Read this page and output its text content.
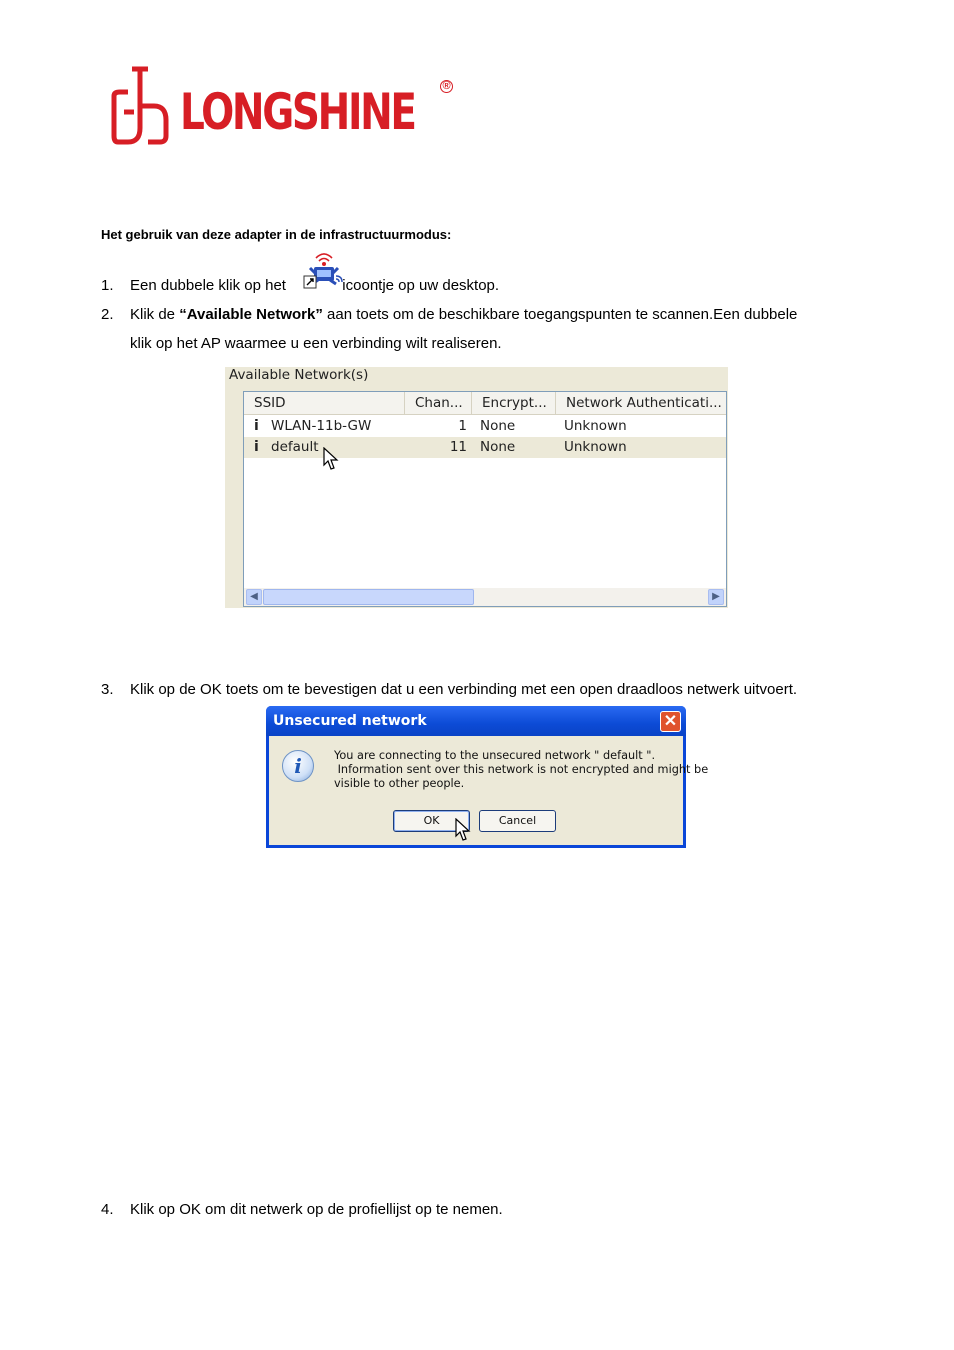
LONGSHINE	®
Het gebruik van deze adapter in de infrastructuurmodus:
1. Een dubbele klik op het	icoontje op uw desktop.
2. Klik de “Available Network” aan toets om de beschikbare toegangspunten te scannen.Een dubbele
klik op het AP waarmee u een verbinding wilt realiseren.
Available Network(s)
SSID	Chan...	Encrypt...	Network Authenticati...
ⅰ WLAN-11b-GW	1 None	Unknown
ⅰ default	11 None	Unknown
◀	▶
3. Klik op de OK toets om te bevestigen dat u een verbinding met een open draadloos netwerk uitvoert.
Unsecured network	✕
i	You are connecting to the unsecured network " default ".
Information sent over this network is not encrypted and might be
visible to other people.
OK	Cancel
4. Klik op OK om dit netwerk op de profiellijst op te nemen.
